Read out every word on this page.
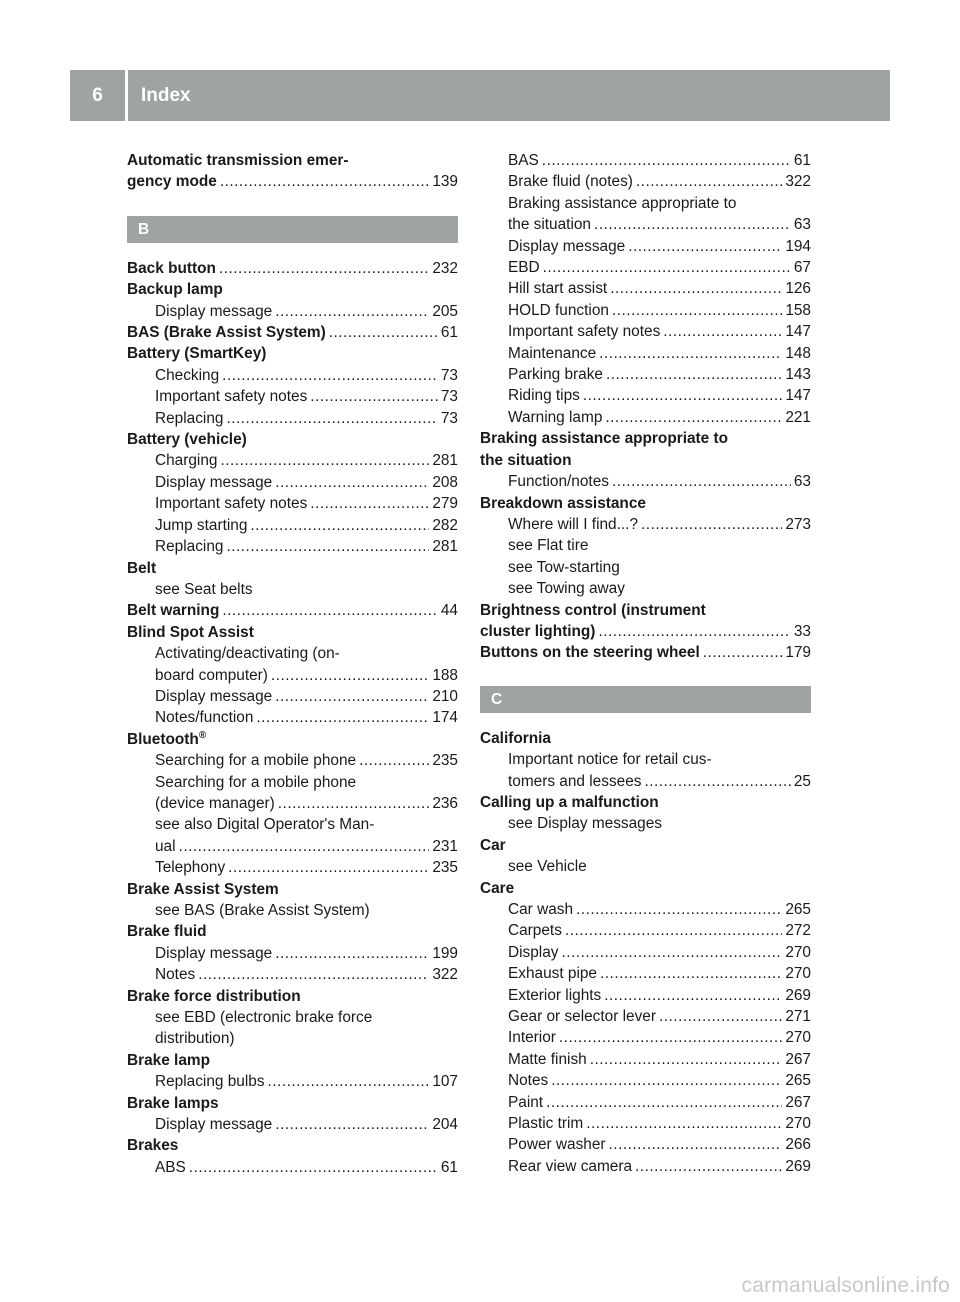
6	Index
Automatic transmission emer-
gency mode .....	139
B
Back button .....	232
Backup lamp
Display message .....	205
BAS (Brake Assist System) .....	61
Battery (SmartKey)
Checking .....	73
Important safety notes .....	73
Replacing .....	73
Battery (vehicle)
Charging .....	281
Display message .....	208
Important safety notes .....	279
Jump starting .....	282
Replacing .....	281
Belt
see Seat belts
Belt warning .....	44
Blind Spot Assist
Activating/deactivating (on-
board computer) .....	188
Display message .....	210
Notes/function .....	174
Bluetooth®
Searching for a mobile phone .....	235
Searching for a mobile phone
(device manager) .....	236
see also Digital Operator's Man-
ual .....	231
Telephony .....	235
Brake Assist System
see BAS (Brake Assist System)
Brake fluid
Display message .....	199
Notes .....	322
Brake force distribution
see EBD (electronic brake force
distribution)
Brake lamp
Replacing bulbs .....	107
Brake lamps
Display message .....	204
Brakes
ABS .....	61
BAS .....	61
Brake fluid (notes) .....	322
Braking assistance appropriate to
the situation .....	63
Display message .....	194
EBD .....	67
Hill start assist .....	126
HOLD function .....	158
Important safety notes .....	147
Maintenance .....	148
Parking brake .....	143
Riding tips .....	147
Warning lamp .....	221
Braking assistance appropriate to
the situation
Function/notes .....	63
Breakdown assistance
Where will I find...? .....	273
see Flat tire
see Tow-starting
see Towing away
Brightness control (instrument
cluster lighting) .....	33
Buttons on the steering wheel .....	179
C
California
Important notice for retail cus-
tomers and lessees .....	25
Calling up a malfunction
see Display messages
Car
see Vehicle
Care
Car wash .....	265
Carpets .....	272
Display .....	270
Exhaust pipe .....	270
Exterior lights .....	269
Gear or selector lever .....	271
Interior .....	270
Matte finish .....	267
Notes .....	265
Paint .....	267
Plastic trim .....	270
Power washer .....	266
Rear view camera .....	269
carmanualsonline.info
